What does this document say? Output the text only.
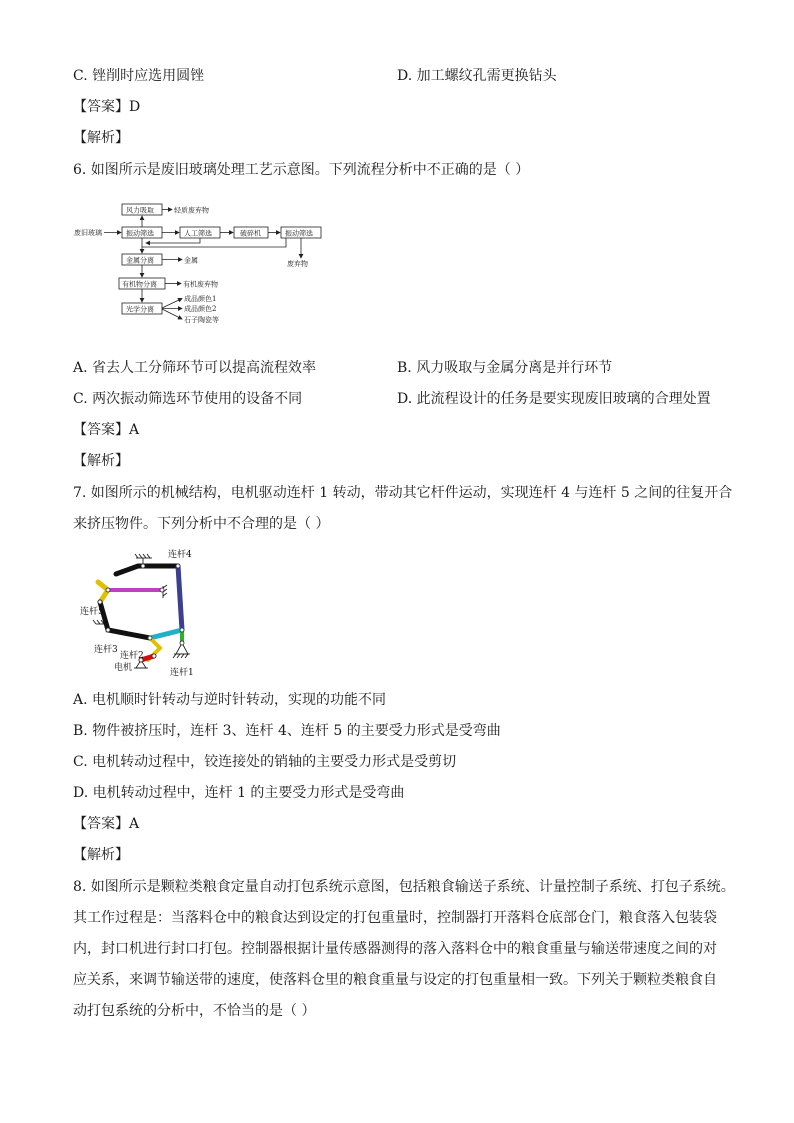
C. 锉削时应选用圆锉	D. 加工螺纹孔需更换钻头
【答案】D
【解析】
6. 如图所示是废旧玻璃处理工艺示意图。下列流程分析中不正确的是（ ）
风力吸取	轻质废弃物
废旧玻璃	振动筛选	人工筛选	破碎机	振动筛选
废弃物
金属分离	金属
有机物分离	有机废弃物
光学分离
成品颜色1
成品颜色2
石子陶瓷等
A. 省去人工分筛环节可以提高流程效率	B. 风力吸取与金属分离是并行环节
C. 两次振动筛选环节使用的设备不同	D. 此流程设计的任务是要实现废旧玻璃的合理处置
【答案】A
【解析】
7. 如图所示的机械结构，电机驱动连杆 1 转动，带动其它杆件运动，实现连杆 4 与连杆 5 之间的往复开合
来挤压物件。下列分析中不合理的是（ ）
连杆4
连杆5
连杆3
连杆2
电机	连杆1
A. 电机顺时针转动与逆时针转动，实现的功能不同
B. 物件被挤压时，连杆 3、连杆 4、连杆 5 的主要受力形式是受弯曲
C. 电机转动过程中，铰连接处的销轴的主要受力形式是受剪切
D. 电机转动过程中，连杆 1 的主要受力形式是受弯曲
【答案】A
【解析】
8. 如图所示是颗粒类粮食定量自动打包系统示意图，包括粮食输送子系统、计量控制子系统、打包子系统。
其工作过程是：当落料仓中的粮食达到设定的打包重量时，控制器打开落料仓底部仓门，粮食落入包装袋
内，封口机进行封口打包。控制器根据计量传感器测得的落入落料仓中的粮食重量与输送带速度之间的对
应关系，来调节输送带的速度，使落料仓里的粮食重量与设定的打包重量相一致。下列关于颗粒类粮食自
动打包系统的分析中，不恰当的是（ ）
